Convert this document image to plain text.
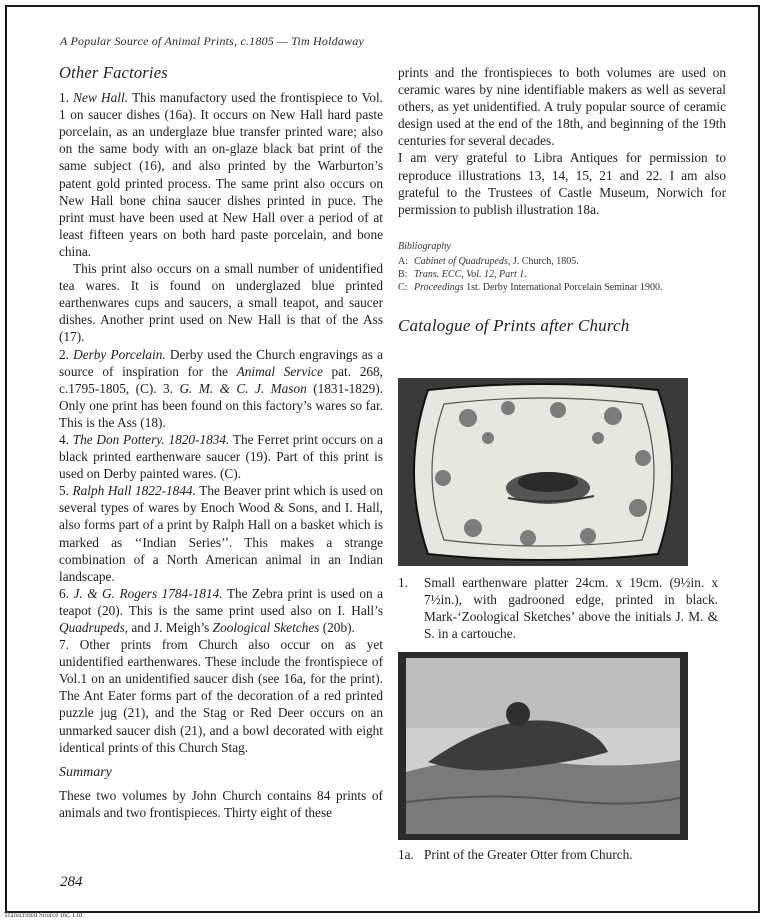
A Popular Source of Animal Prints, c.1805 — Tim Holdaway
Other Factories

1. New Hall. This manufactory used the frontispiece to Vol. 1 on saucer dishes (16a). It occurs on New Hall hard paste porcelain, as an underglaze blue transfer printed ware; also on the same body with an on-glaze black bat print of the same subject (16), and also printed by the Warburton’s patent gold printed process. The same print also occurs on New Hall bone china saucer dishes printed in puce. The print must have been used at New Hall over a period of at least fifteen years on both hard paste porcelain, and bone china.

This print also occurs on a small number of unidentified tea wares. It is found on underglazed blue printed earthenwares cups and saucers, a small teapot, and saucer dishes. Another print used on New Hall is that of the Ass (17).

2. Derby Porcelain. Derby used the Church engravings as a source of inspiration for the Animal Service pat. 268, c.1795-1805, (C). 3. G. M. & C. J. Mason (1831-1829). Only one print has been found on this factory’s wares so far. This is the Ass (18).

4. The Don Pottery. 1820-1834. The Ferret print occurs on a black printed earthenware saucer (19). Part of this print is used on Derby painted wares. (C).

5. Ralph Hall 1822-1844. The Beaver print which is used on several types of wares by Enoch Wood & Sons, and I. Hall, also forms part of a print by Ralph Hall on a basket which is marked as ‘‘Indian Series’’. This makes a strange combination of a North American animal in an Indian landscape.

6. J. & G. Rogers 1784-1814. The Zebra print is used on a teapot (20). This is the same print used also on I. Hall’s Quadrupeds, and J. Meigh’s Zoological Sketches (20b).

7. Other prints from Church also occur on as yet unidentified earthenwares. These include the frontispiece of Vol.1 on an unidentified saucer dish (see 16a, for the print). The Ant Eater forms part of the decoration of a red printed puzzle jug (21), and the Stag or Red Deer occurs on an unmarked saucer dish (21), and a bowl decorated with eight identical prints of this Church Stag.

Summary

These two volumes by John Church contains 84 prints of animals and two frontispieces. Thirty eight of these

prints and the frontispieces to both volumes are used on ceramic wares by nine identifiable makers as well as several others, as yet unidentified. A truly popular source of ceramic design used at the end of the 18th, and beginning of the 19th centuries for several decades.

I am very grateful to Libra Antiques for permission to reproduce illustrations 13, 14, 15, 21 and 22. I am also grateful to the Trustees of Castle Museum, Norwich for permission to publish illustration 18a.

Bibliography
A: Cabinet of Quadrupeds, J. Church, 1805.
B: Trans. ECC, Vol. 12, Part 1.
C: Proceedings 1st. Derby International Porcelain Seminar 1900.
Catalogue of Prints after Church
1.	Small earthenware platter 24cm. x 19cm. (9½in. x 7½in.), with gadrooned edge, printed in black. Mark-‘Zoological Sketches’ above the initials J. M. & S. in a cartouche.
1a. Print of the Greater Otter from Church.
284
Transcribed Source Inc. Ltd
